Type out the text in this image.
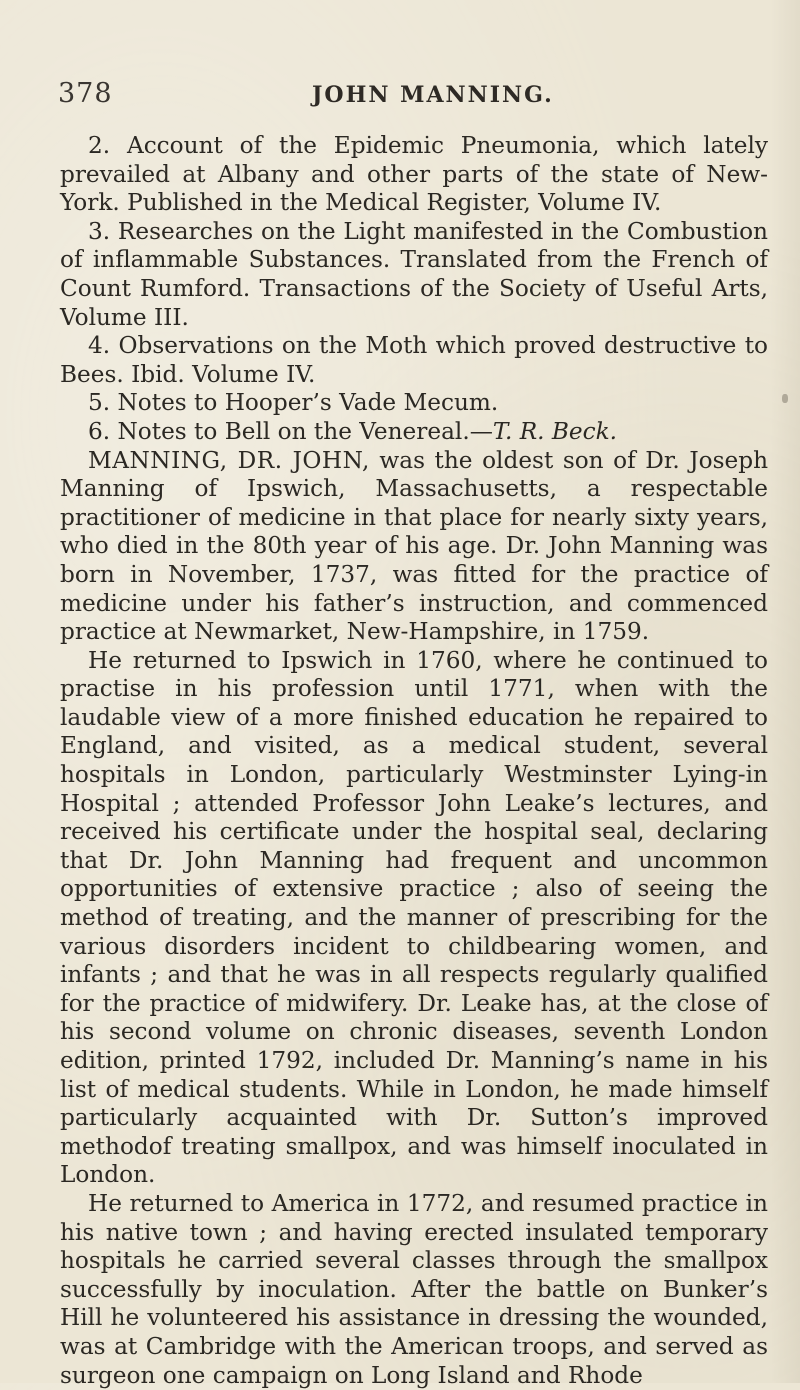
378	JOHN MANNING.

2. Account of the Epidemic Pneumonia, which lately prevailed at Albany and other parts of the state of New-York. Published in the Medical Register, Volume IV.

3. Researches on the Light manifested in the Combustion of inflammable Substances. Translated from the French of Count Rumford. Transactions of the Society of Useful Arts, Volume III.

4. Observations on the Moth which proved destructive to Bees. Ibid. Volume IV.

5. Notes to Hooper’s Vade Mecum.

6. Notes to Bell on the Venereal.—T. R. Beck.

MANNING, DR. JOHN, was the oldest son of Dr. Joseph Manning of Ipswich, Massachusetts, a respectable practitioner of medicine in that place for nearly sixty years, who died in the 80th year of his age. Dr. John Manning was born in November, 1737, was fitted for the practice of medicine under his father’s instruction, and commenced practice at Newmarket, New-Hampshire, in 1759.

He returned to Ipswich in 1760, where he continued to practise in his profession until 1771, when with the laudable view of a more finished education he repaired to England, and visited, as a medical student, several hospitals in London, particularly Westminster Lying-in Hospital ; attended Professor John Leake’s lectures, and received his certificate under the hospital seal, declaring that Dr. John Manning had frequent and uncommon opportunities of extensive practice ; also of seeing the method of treating, and the manner of prescribing for the various disorders incident to childbearing women, and infants ; and that he was in all respects regularly qualified for the practice of midwifery. Dr. Leake has, at the close of his second volume on chronic diseases, seventh London edition, printed 1792, included Dr. Manning’s name in his list of medical students. While in London, he made himself particularly acquainted with Dr. Sutton’s improved methodof treating smallpox, and was himself inoculated in London.

He returned to America in 1772, and resumed practice in his native town ; and having erected insulated temporary hospitals he carried several classes through the smallpox successfully by inoculation. After the battle on Bunker’s Hill he volunteered his assistance in dressing the wounded, was at Cambridge with the American troops, and served as surgeon one campaign on Long Island and Rhode
